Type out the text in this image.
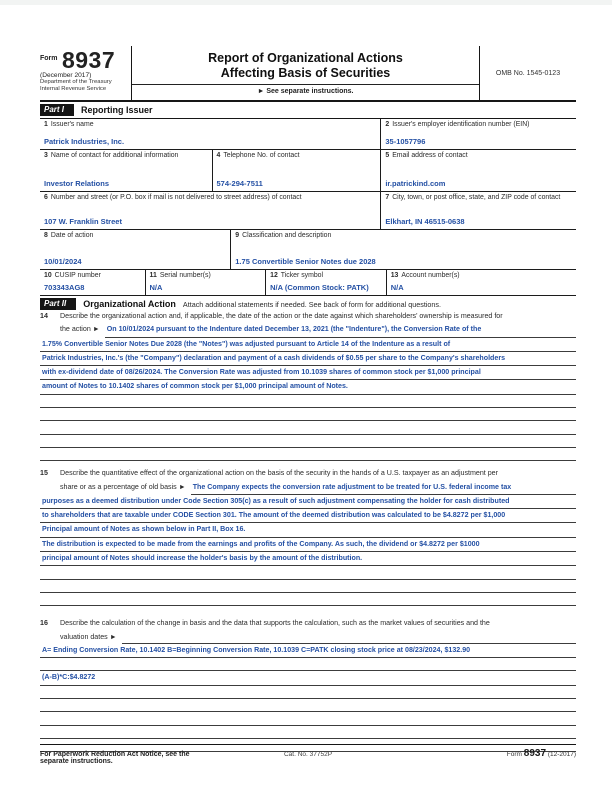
Form 8937
(December 2017)
Department of the Treasury
Internal Revenue Service
Report of Organizational Actions
Affecting Basis of Securities
► See separate instructions.
OMB No. 1545-0123
Part I	Reporting Issuer
1 Issuer's name
Patrick Industries, Inc.
2 Issuer's employer identification number (EIN)
35-1057796
3 Name of contact for additional information
Investor Relations
4 Telephone No. of contact
574-294-7511
5 Email address of contact
ir.patrickind.com
6 Number and street (or P.O. box if mail is not delivered to street address) of contact
107 W. Franklin Street
7 City, town, or post office, state, and ZIP code of contact
Elkhart, IN 46515-0638
8 Date of action
10/01/2024
9 Classification and description
1.75 Convertible Senior Notes due 2028
10 CUSIP number
703343AG8
11 Serial number(s)
N/A
12 Ticker symbol
N/A (Common Stock: PATK)
13 Account number(s)
N/A
Part II	Organizational Action Attach additional statements if needed. See back of form for additional questions.
14	Describe the organizational action and, if applicable, the date of the action or the date against which shareholders' ownership is measured for
the action ► On 10/01/2024 pursuant to the Indenture dated December 13, 2021 (the "Indenture"), the Conversion Rate of the
1.75% Convertible Senior Notes Due 2028 (the "Notes") was adjusted pursuant to Article 14 of the Indenture as a result of
Patrick Industries, Inc.'s (the "Company") declaration and payment of a cash dividends of $0.55 per share to the Company's shareholders
with ex-dividend date of 08/26/2024. The Conversion Rate was adjusted from 10.1039 shares of common stock per $1,000 principal
amount of Notes to 10.1402 shares of common stock per $1,000 principal amount of Notes.
15	Describe the quantitative effect of the organizational action on the basis of the security in the hands of a U.S. taxpayer as an adjustment per
share or as a percentage of old basis ► The Company expects the conversion rate adjustment to be treated for U.S. federal income tax
purposes as a deemed distribution under Code Section 305(c) as a result of such adjustment compensating the holder for cash distributed
to shareholders that are taxable under CODE Section 301. The amount of the deemed distribution was calculated to be $4.8272 per $1,000
Principal amount of Notes as shown below in Part II, Box 16.
The distribution is expected to be made from the earnings and profits of the Company. As such, the dividend or $4.8272 per $1000
principal amount of Notes should increase the holder's basis by the amount of the distribution.
16	Describe the calculation of the change in basis and the data that supports the calculation, such as the market values of securities and the
valuation dates ►
A= Ending Conversion Rate, 10.1402 B=Beginning Conversion Rate, 10.1039 C=PATK closing stock price at 08/23/2024, $132.90
(A-B)*C:$4.8272
For Paperwork Reduction Act Notice, see the separate instructions.
Cat. No. 37752P	Form 8937 (12-2017)
